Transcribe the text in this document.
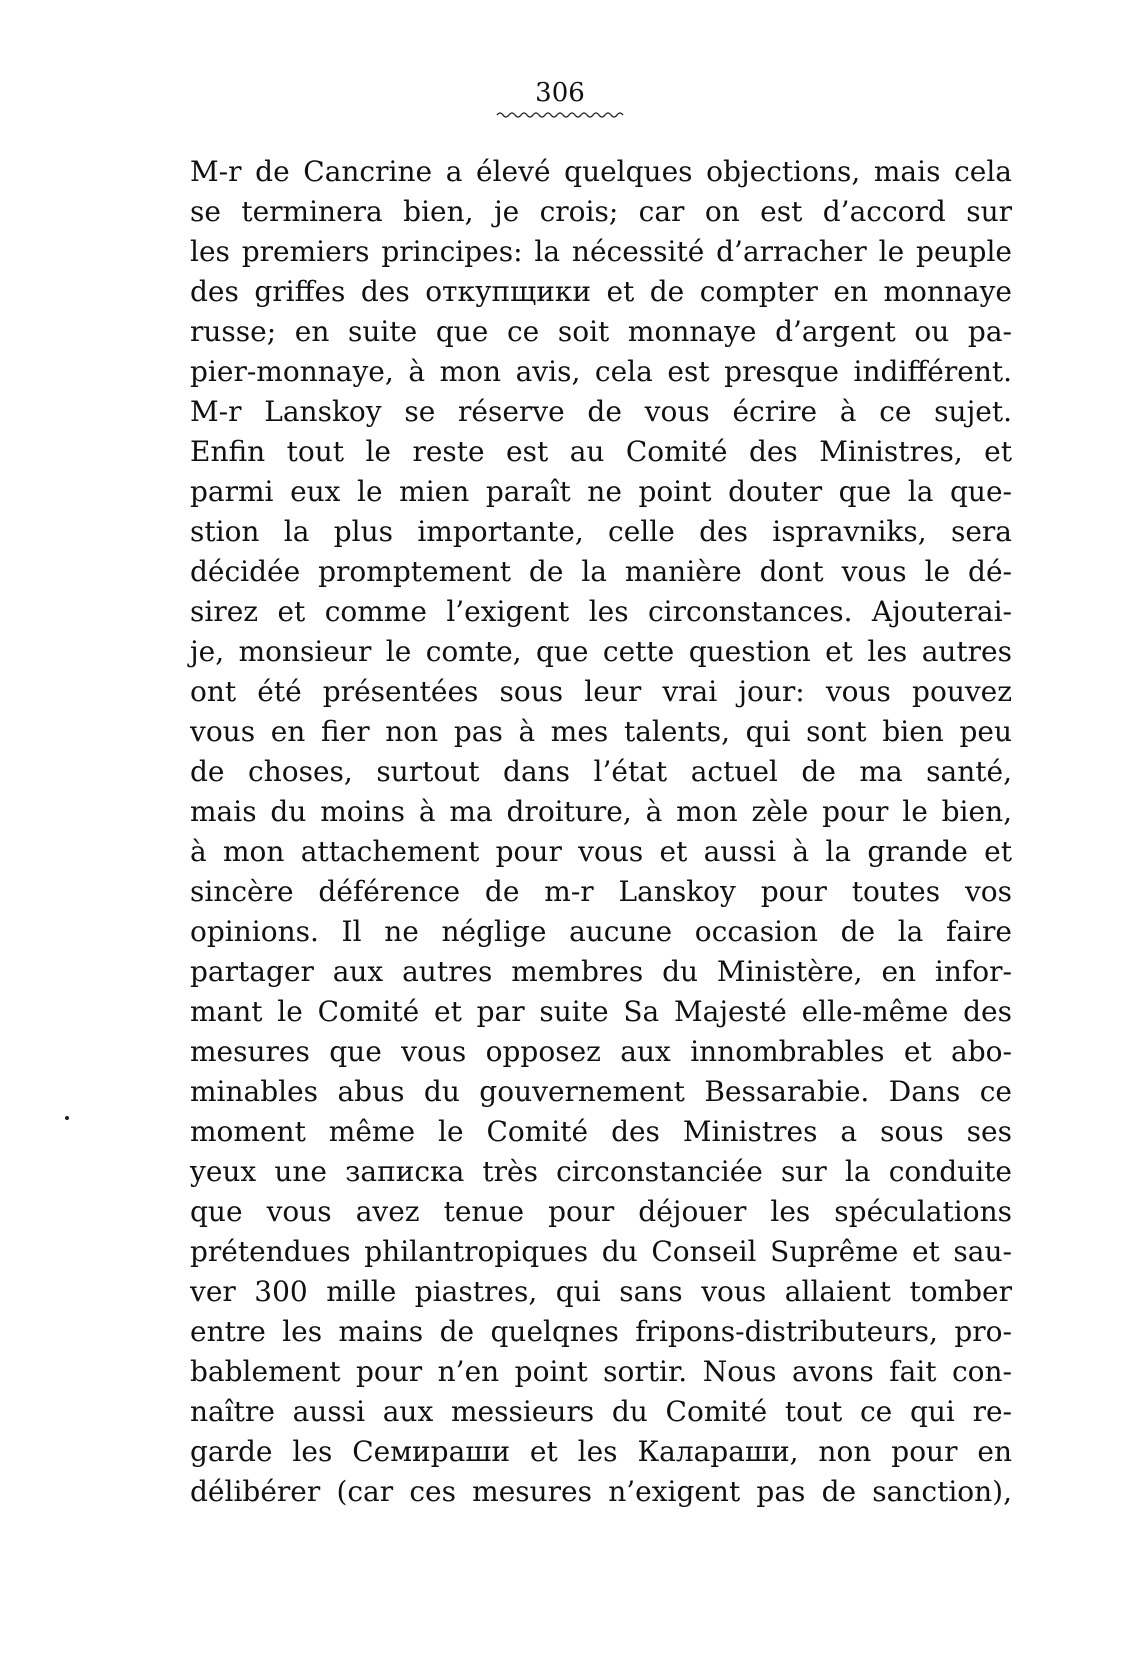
306
M-r de Cancrine a élevé quelques objections, mais cela
se terminera bien, je crois; car on est d’accord sur
les premiers principes: la nécessité d’arracher le peuple
des griffes des откупщики et de compter en monnaye
russe; en suite que ce soit monnaye d’argent ou pa-
pier-monnaye, à mon avis, cela est presque indifférent.
M-r Lanskoy se réserve de vous écrire à ce sujet.
Enfin tout le reste est au Comité des Ministres, et
parmi eux le mien paraît ne point douter que la que-
stion la plus importante, celle des ispravniks, sera
décidée promptement de la manière dont vous le dé-
sirez et comme l’exigent les circonstances. Ajouterai-
je, monsieur le comte, que cette question et les autres
ont été présentées sous leur vrai jour: vous pouvez
vous en fier non pas à mes talents, qui sont bien peu
de choses, surtout dans l’état actuel de ma santé,
mais du moins à ma droiture, à mon zèle pour le bien,
à mon attachement pour vous et aussi à la grande et
sincère déférence de m-r Lanskoy pour toutes vos
opinions. Il ne néglige aucune occasion de la faire
partager aux autres membres du Ministère, en infor-
mant le Comité et par suite Sa Majesté elle-même des
mesures que vous opposez aux innombrables et abo-
minables abus du gouvernement Bessarabie. Dans ce
moment même le Comité des Ministres a sous ses
yeux une записка très circonstanciée sur la conduite
que vous avez tenue pour déjouer les spéculations
prétendues philantropiques du Conseil Suprême et sau-
ver 300 mille piastres, qui sans vous allaient tomber
entre les mains de quelqnes fripons-distributeurs, pro-
bablement pour n’en point sortir. Nous avons fait con-
naître aussi aux messieurs du Comité tout ce qui re-
garde les Семираши et les Калараши, non pour en
délibérer (car ces mesures n’exigent pas de sanction),
